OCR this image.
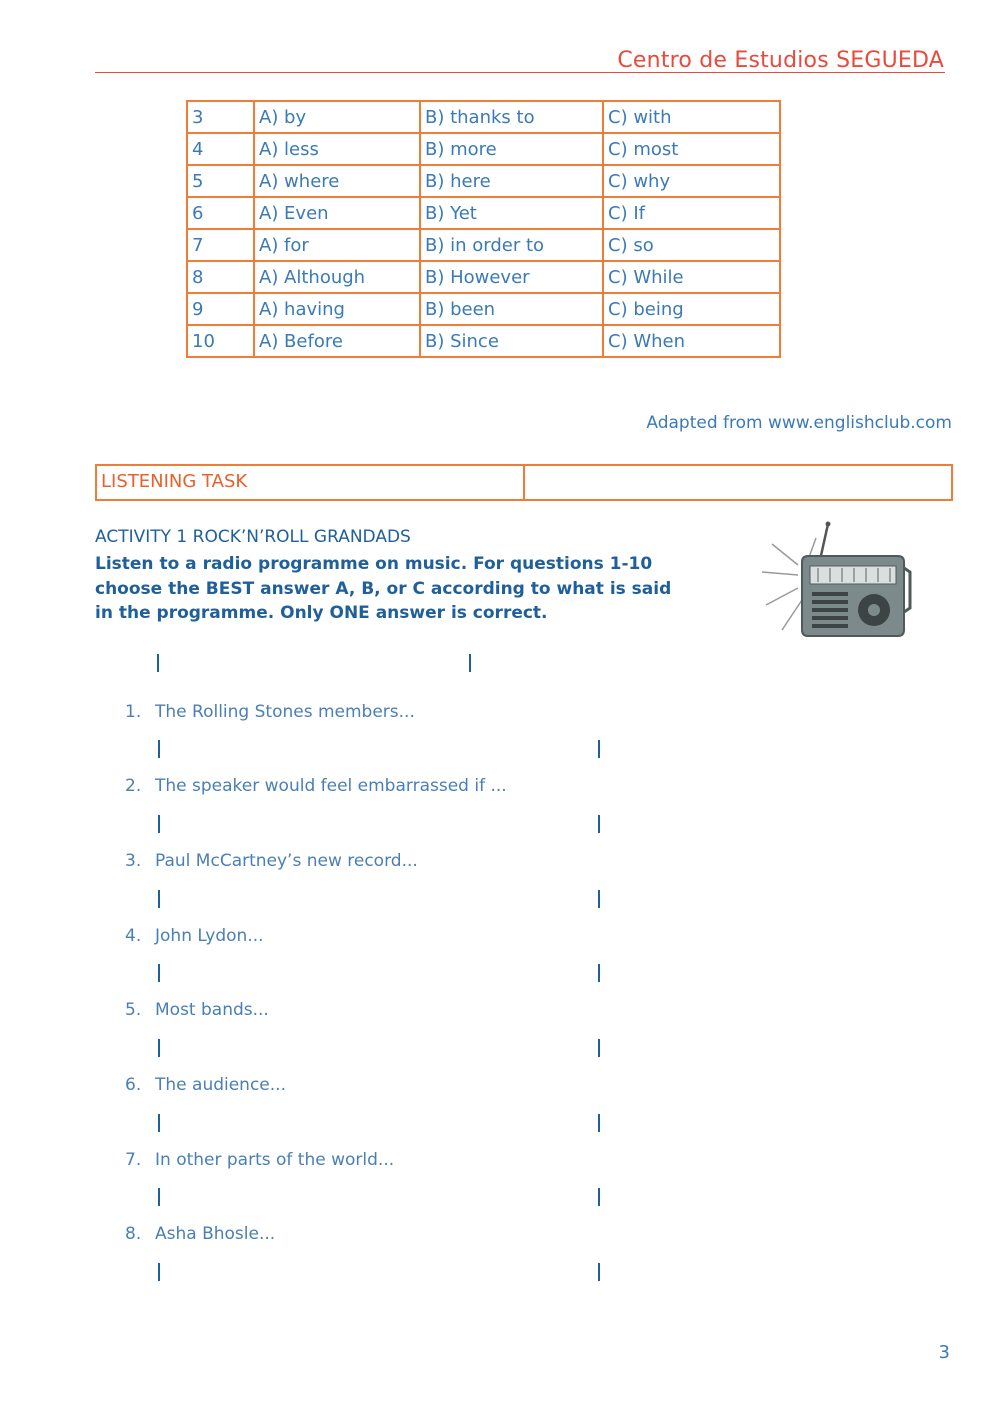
Centro de Estudios SEGUEDA
3	A) by	B) thanks to	C) with
4	A) less	B) more	C) most
5	A) where	B) here	C) why
6	A) Even	B) Yet	C) If
7	A) for	B) in order to	C) so
8	A) Although	B) However	C) While
9	A) having	B) been	C) being
10	A) Before	B) Since	C) When
Adapted from www.englishclub.com
LISTENING TASK
ACTIVITY 1 ROCK’N’ROLL GRANDADS
Listen to a radio programme on music. For questions 1-10 choose the BEST answer A, B, or C according to what is said in the programme. Only ONE answer is correct.
1. The Rolling Stones members...
2. The speaker would feel embarrassed if ...
3. Paul McCartney’s new record...
4. John Lydon...
5. Most bands...
6. The audience...
7. In other parts of the world...
8. Asha Bhosle...
3
